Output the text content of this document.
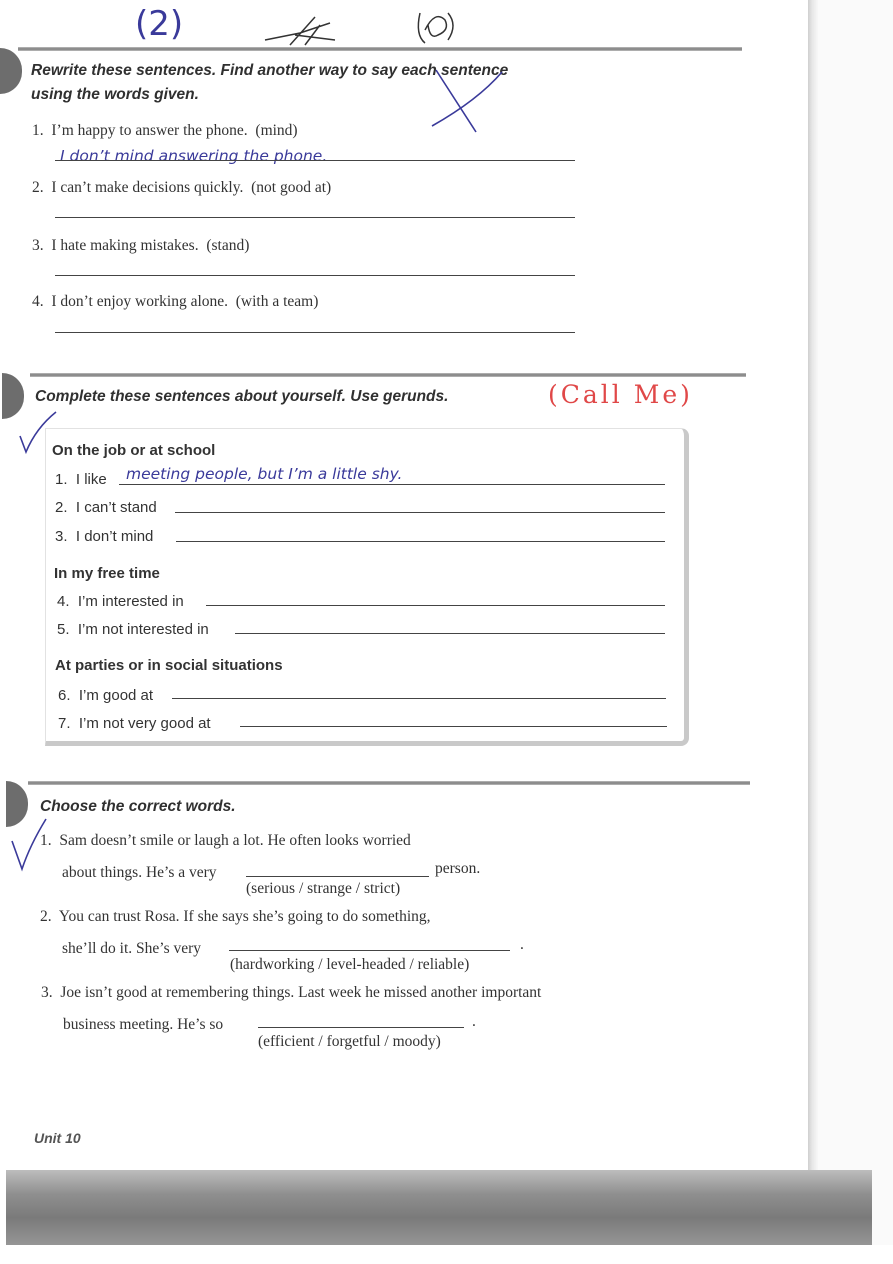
(2)
Rewrite these sentences. Find another way to say each sentence
using the words given.
1. I’m happy to answer the phone. (mind)
I don’t mind answering the phone.
2. I can’t make decisions quickly. (not good at)
3. I hate making mistakes. (stand)
4. I don’t enjoy working alone. (with a team)
Complete these sentences about yourself. Use gerunds.	(Call Me)
On the job or at school
1. I like meeting people, but I’m a little shy.
2. I can’t stand
3. I don’t mind
In my free time
4. I’m interested in
5. I’m not interested in
At parties or in social situations
6. I’m good at
7. I’m not very good at
Choose the correct words.
1. Sam doesn’t smile or laugh a lot. He often looks worried
about things. He’s a very	person.
(serious / strange / strict)
2. You can trust Rosa. If she says she’s going to do something,
she’ll do it. She’s very	.
(hardworking / level-headed / reliable)
3. Joe isn’t good at remembering things. Last week he missed another important
business meeting. He’s so	.
(efficient / forgetful / moody)
Unit 10
